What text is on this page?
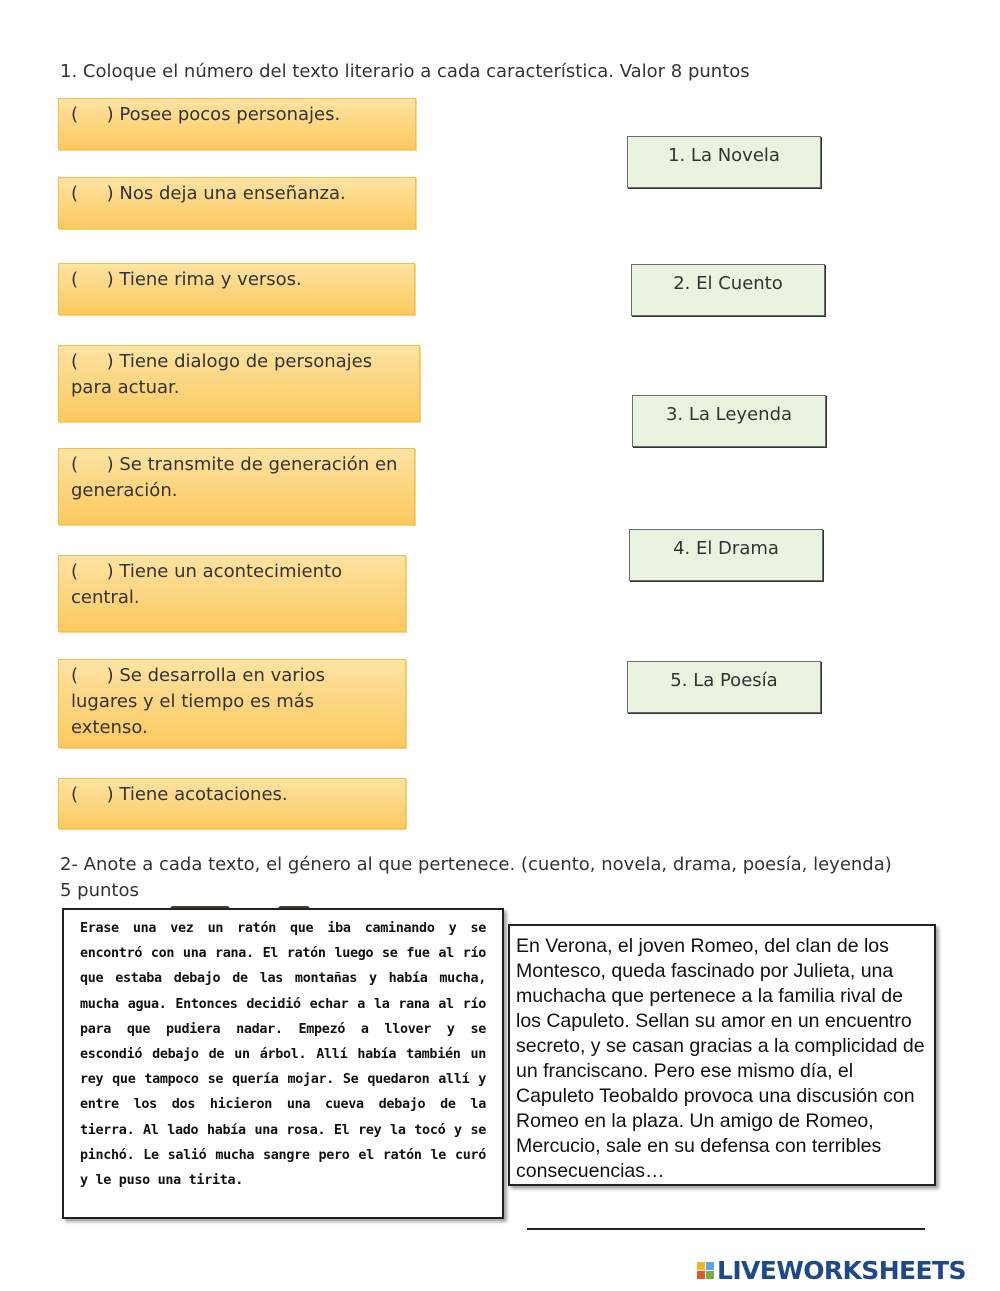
1. Coloque el número del texto literario a cada característica. Valor 8 puntos
(     ) Posee pocos personajes.
(     ) Nos deja una enseñanza.
(     ) Tiene rima y versos.
(     ) Tiene dialogo de personajes para actuar.
(     ) Se transmite de generación en generación.
(     ) Tiene un acontecimiento central.
(     ) Se desarrolla en varios lugares y el tiempo es más extenso.
(     ) Tiene acotaciones.
1. La Novela
2. El Cuento
3. La Leyenda
4. El Drama
5. La Poesía
2- Anote a cada texto, el género al que pertenece. (cuento, novela, drama, poesía, leyenda) 5 puntos
Erase una vez un ratón que iba caminando y se encontró con una rana. El ratón luego se fue al río que estaba debajo de las montañas y había mucha, mucha agua. Entonces decidió echar a la rana al río para que pudiera nadar. Empezó a llover y se escondió debajo de un árbol. Allí había también un rey que tampoco se quería mojar. Se quedaron allí y entre los dos hicieron una cueva debajo de la tierra. Al lado había una rosa. El rey la tocó y se pinchó. Le salió mucha sangre pero el ratón le curó y le puso una tirita.
En Verona, el joven Romeo, del clan de los Montesco, queda fascinado por Julieta, una muchacha que pertenece a la familia rival de los Capuleto. Sellan su amor en un encuentro secreto, y se casan gracias a la complicidad de un franciscano. Pero ese mismo día, el Capuleto Teobaldo provoca una discusión con Romeo en la plaza. Un amigo de Romeo, Mercucio, sale en su defensa con terribles consecuencias…
LIVEWORKSHEETS
